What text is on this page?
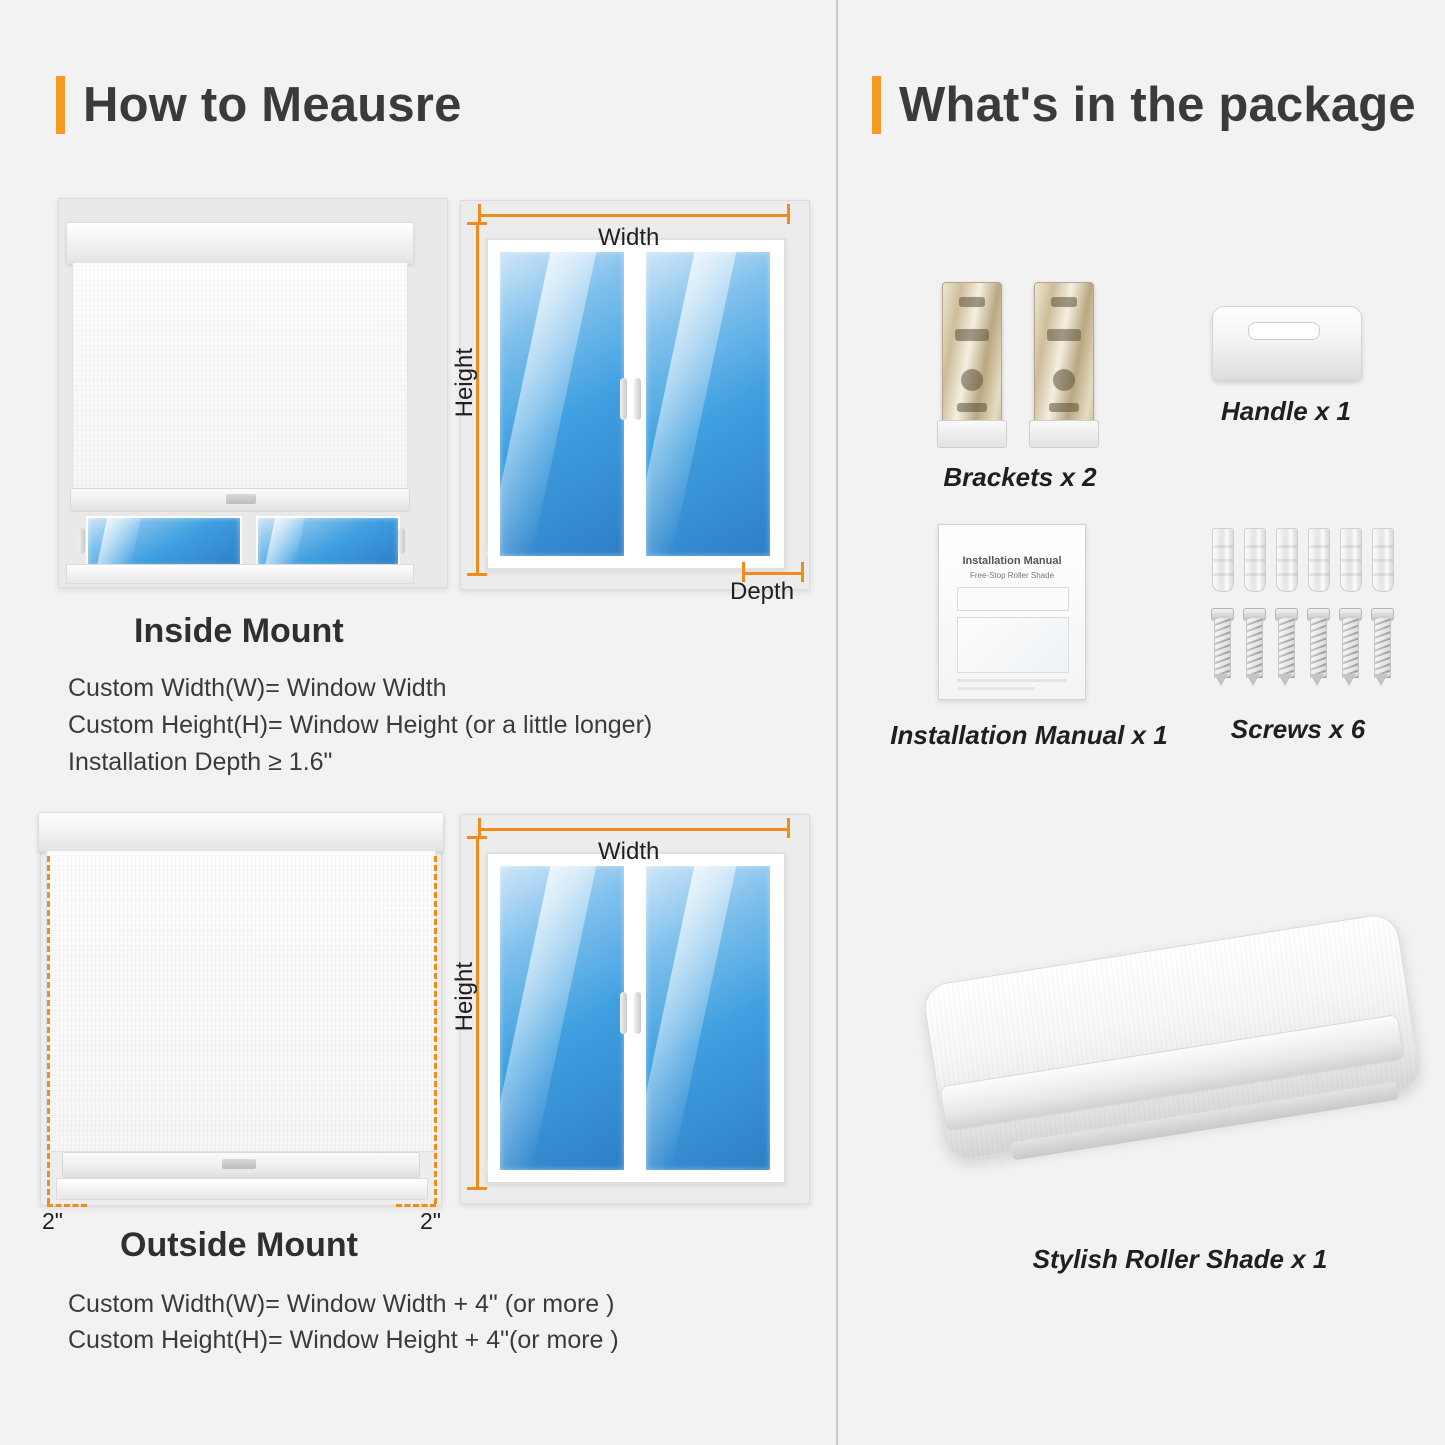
How to Meausre	What's in the package
Width
Height
Depth
Inside Mount
Custom Width(W)= Window Width
Custom Height(H)= Window Height (or a little longer)
Installation Depth ≥ 1.6"
2"	2"
Width
Height
Outside Mount
Custom Width(W)= Window Width + 4" (or more )
Custom Height(H)= Window Height + 4"(or more )
Brackets x 2
Handle x 1
Installation Manual
Free-Stop Roller Shade
Installation Manual x 1	Screws x 6
Stylish Roller Shade x 1
